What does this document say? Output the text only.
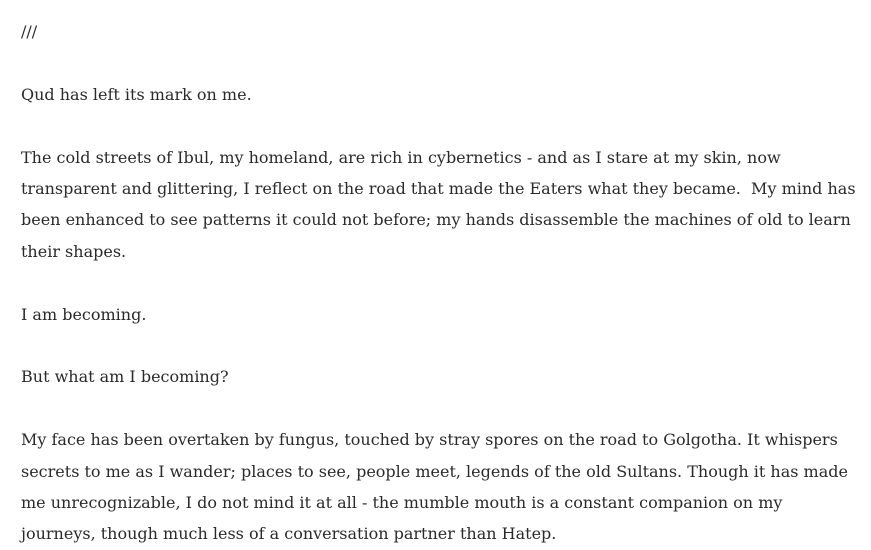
///

Qud has left its mark on me.

The cold streets of Ibul, my homeland, are rich in cybernetics - and as I stare at my skin, now transparent and glittering, I reflect on the road that made the Eaters what they became.  My mind has been enhanced to see patterns it could not before; my hands disassemble the machines of old to learn their shapes.

I am becoming.

But what am I becoming?

My face has been overtaken by fungus, touched by stray spores on the road to Golgotha. It whispers secrets to me as I wander; places to see, people meet, legends of the old Sultans. Though it has made me unrecognizable, I do not mind it at all - the mumble mouth is a constant companion on my journeys, though much less of a conversation partner than Hatep.
